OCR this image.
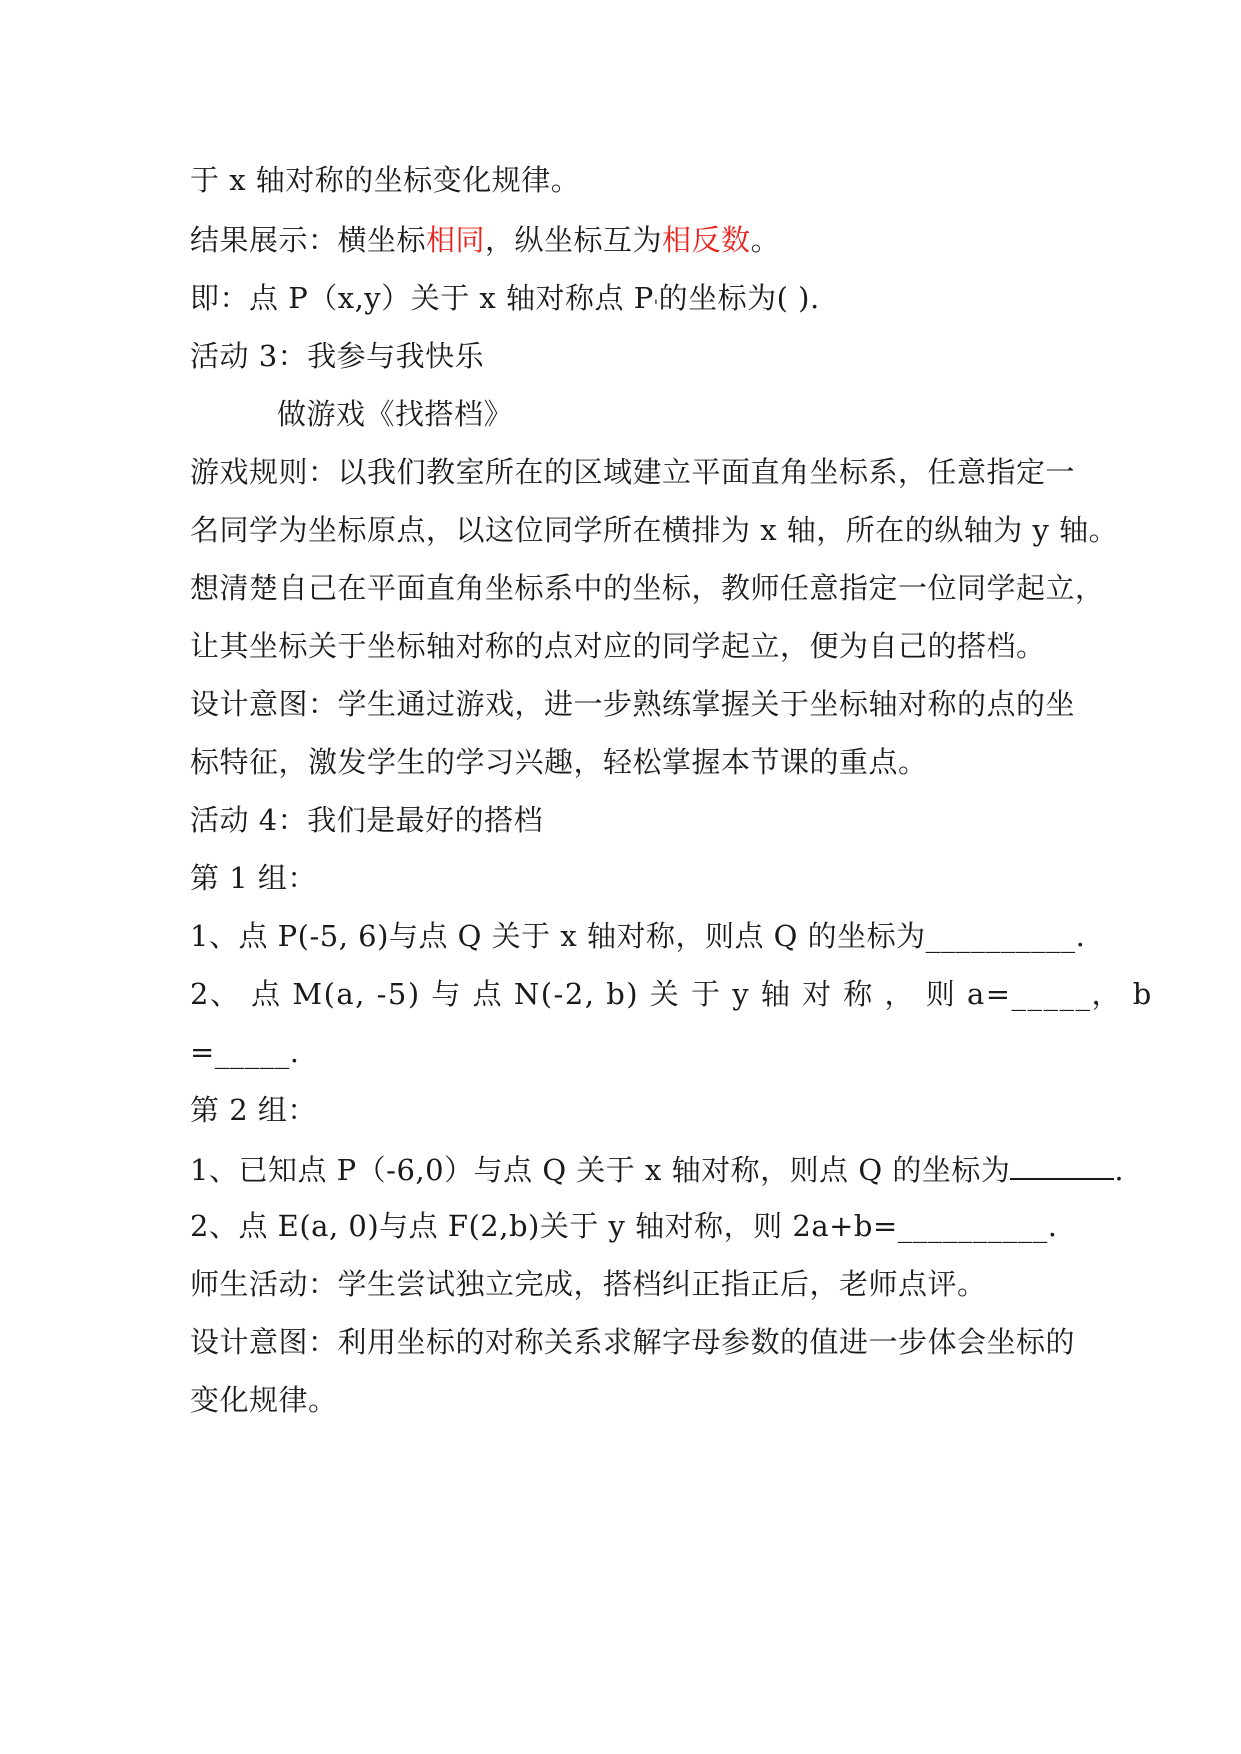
于 x 轴对称的坐标变化规律。
结果展示：横坐标相同，纵坐标互为相反数。
即：点 P（x,y）关于 x 轴对称点 P'的坐标为( ).
活动 3：我参与我快乐
做游戏《找搭档》
游戏规则：以我们教室所在的区域建立平面直角坐标系，任意指定一
名同学为坐标原点，以这位同学所在横排为 x 轴，所在的纵轴为 y 轴。
想清楚自己在平面直角坐标系中的坐标，教师任意指定一位同学起立，
让其坐标关于坐标轴对称的点对应的同学起立，便为自己的搭档。
设计意图：学生通过游戏，进一步熟练掌握关于坐标轴对称的点的坐
标特征，激发学生的学习兴趣，轻松掌握本节课的重点。
活动 4：我们是最好的搭档
第 1 组：
1、点 P(-5, 6)与点 Q 关于 x 轴对称，则点 Q 的坐标为__________.
2、 点 M(a, -5) 与 点 N(-2, b) 关 于 y 轴 对 称 ， 则 a=_____， b
=_____.
第 2 组：
1、已知点 P（-6,0）与点 Q 关于 x 轴对称，则点 Q 的坐标为	.
2、点 E(a, 0)与点 F(2,b)关于 y 轴对称，则 2a+b=__________.
师生活动：学生尝试独立完成，搭档纠正指正后，老师点评。
设计意图：利用坐标的对称关系求解字母参数的值进一步体会坐标的
变化规律。
